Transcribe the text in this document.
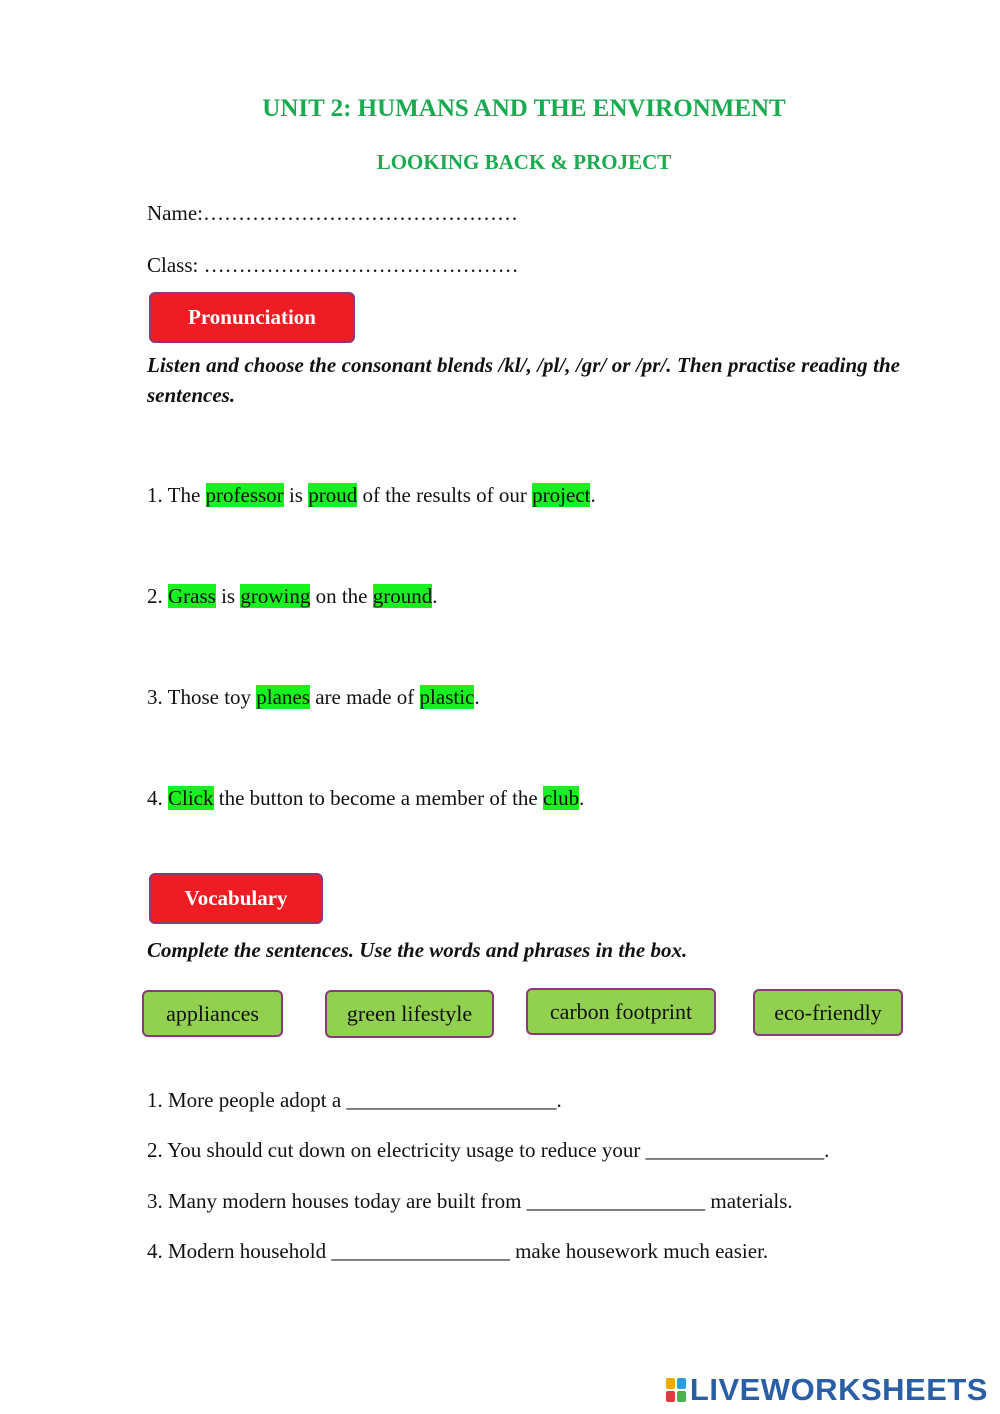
UNIT 2: HUMANS AND THE ENVIRONMENT
LOOKING BACK & PROJECT
Name:………………………………………
Class: ………………………………………
Pronunciation
Listen and choose the consonant blends /kl/, /pl/, /gr/ or /pr/. Then practise reading the sentences.
1. The professor is proud of the results of our project.
2. Grass is growing on the ground.
3. Those toy planes are made of plastic.
4. Click the button to become a member of the club.
Vocabulary
Complete the sentences. Use the words and phrases in the box.
appliances	green lifestyle	carbon footprint	eco-friendly
1. More people adopt a ____________________.
2. You should cut down on electricity usage to reduce your _________________.
3. Many modern houses today are built from _________________ materials.
4. Modern household _________________ make housework much easier.
LIVEWORKSHEETS
